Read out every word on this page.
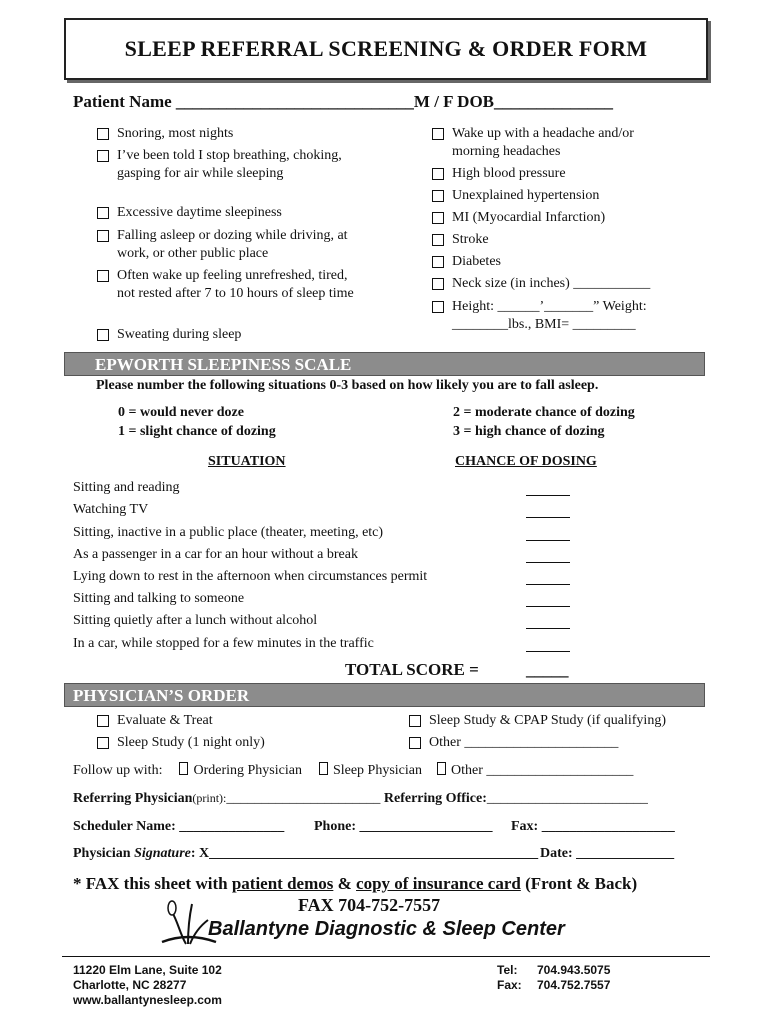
SLEEP REFERRAL SCREENING & ORDER FORM
Patient Name ____________________________M / F DOB______________
Snoring, most nights
I’ve been told I stop breathing, choking, gasping for air while sleeping
Excessive daytime sleepiness
Falling asleep or dozing while driving, at work, or other public place
Often wake up feeling unrefreshed, tired, not rested after 7 to 10 hours of sleep time
Sweating during sleep
Wake up with a headache and/or morning headaches
High blood pressure
Unexplained hypertension
MI (Myocardial Infarction)
Stroke
Diabetes
Neck size (in inches) ___________
Height: ______’_______” Weight: ________lbs., BMI= _________
EPWORTH SLEEPINESS SCALE
Please number the following situations 0-3 based on how likely you are to fall asleep.
0 = would never doze
1 = slight chance of dozing
2 = moderate chance of dozing
3 = high chance of dozing
SITUATION	CHANCE OF DOSING
Sitting and reading
Watching TV
Sitting, inactive in a public place (theater, meeting, etc)
As a passenger in a car for an hour without a break
Lying down to rest in the afternoon when circumstances permit
Sitting and talking to someone
Sitting quietly after a lunch without alcohol
In a car, while stopped for a few minutes in the traffic
TOTAL SCORE =	_____
PHYSICIAN’S ORDER
Evaluate & Treat
Sleep Study (1 night only)
Sleep Study & CPAP Study (if qualifying)
Other ______________________
Follow up with: Ordering Physician Sleep Physician Other _____________________
Referring Physician(print):______________________ Referring Office:_______________________
Scheduler Name: _______________ Phone: ___________________ Fax: ___________________
Physician Signature: X_______________________________________________ Date: ______________
* FAX this sheet with patient demos & copy of insurance card (Front & Back)
FAX 704-752-7557
Ballantyne Diagnostic & Sleep Center
11220 Elm Lane, Suite 102
Charlotte, NC 28277
www.ballantynesleep.com
Tel: 704.943.5075
Fax: 704.752.7557
